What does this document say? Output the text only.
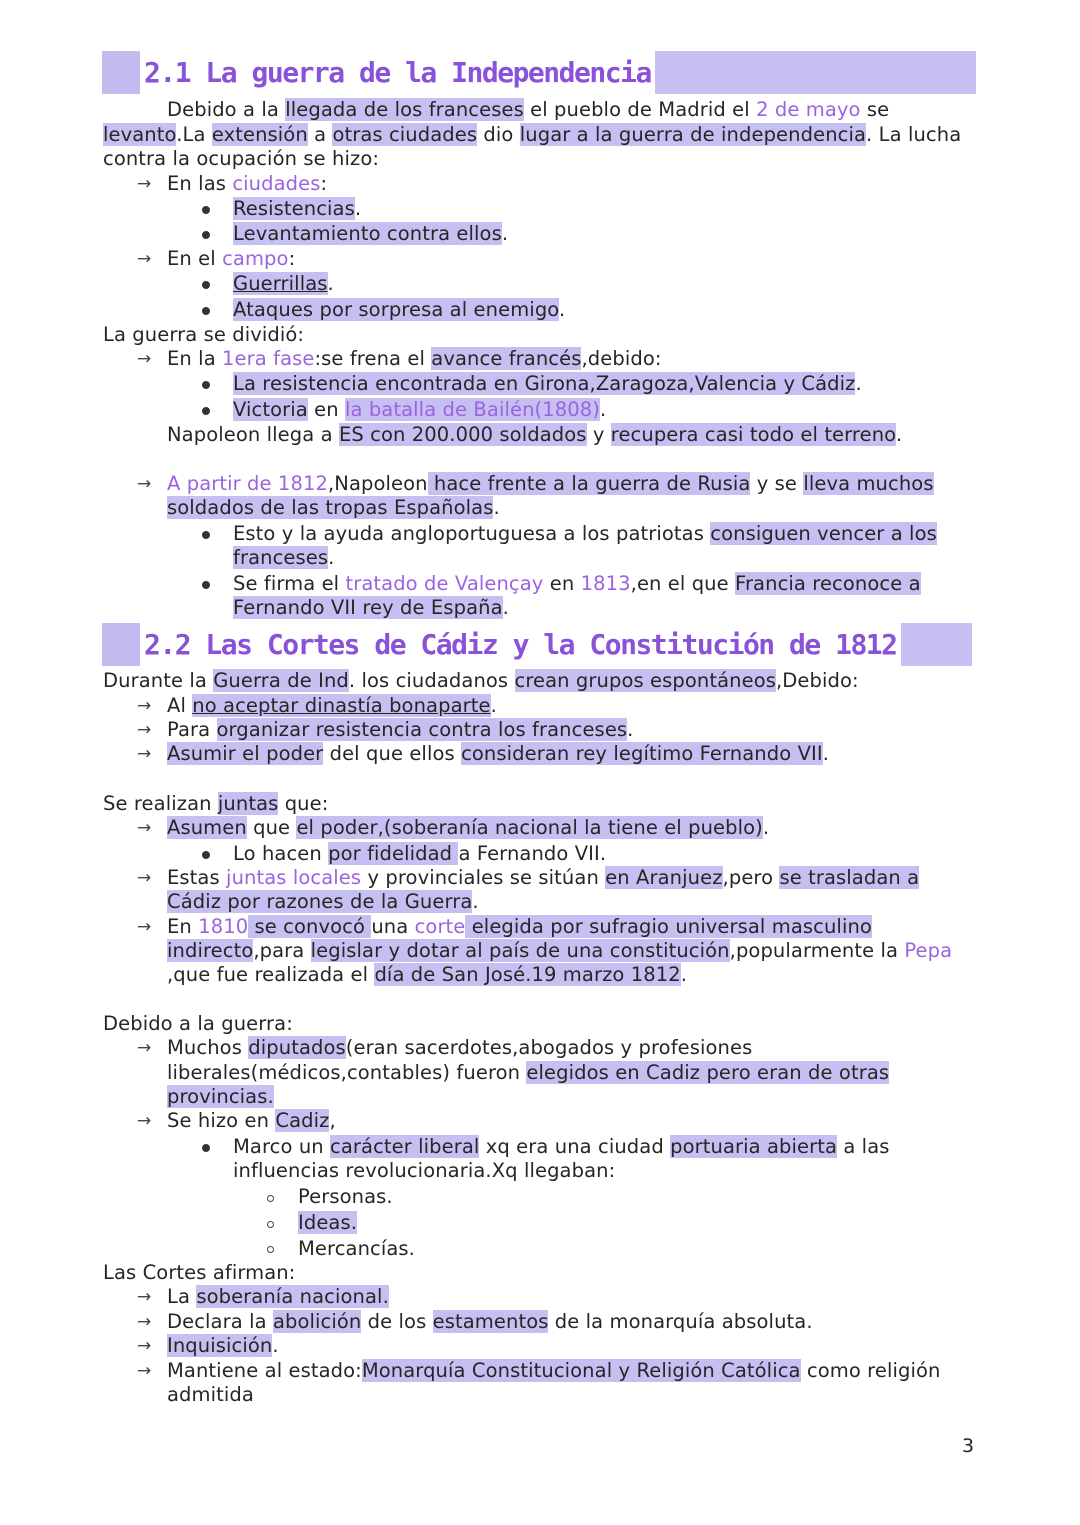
2.1 La guerra de la Independencia
Debido a la llegada de los franceses el pueblo de Madrid el 2 de mayo se
levanto.La extensión a otras ciudades dio lugar a la guerra de independencia. La lucha
contra la ocupación se hizo:
→ En las ciudades:
Resistencias.
Levantamiento contra ellos.
→ En el campo:
Guerrillas.
Ataques por sorpresa al enemigo.
La guerra se dividió:
→ En la 1era fase:se frena el avance francés,debido:
La resistencia encontrada en Girona,Zaragoza,Valencia y Cádiz.
Victoria en la batalla de Bailén(1808).
Napoleon llega a ES con 200.000 soldados y recupera casi todo el terreno.
→ A partir de 1812,Napoleon hace frente a la guerra de Rusia y se lleva muchos
soldados de las tropas Españolas.
Esto y la ayuda angloportuguesa a los patriotas consiguen vencer a los
franceses.
Se firma el tratado de Valençay en 1813,en el que Francia reconoce a
Fernando VII rey de España.
2.2 Las Cortes de Cádiz y la Constitución de 1812
Durante la Guerra de Ind. los ciudadanos crean grupos espontáneos,Debido:
→ Al no aceptar dinastía bonaparte.
→ Para organizar resistencia contra los franceses.
→ Asumir el poder del que ellos consideran rey legítimo Fernando VII.
Se realizan juntas que:
→ Asumen que el poder,(soberanía nacional la tiene el pueblo).
Lo hacen por fidelidad a Fernando VII.
→ Estas juntas locales y provinciales se sitúan en Aranjuez,pero se trasladan a
Cádiz por razones de la Guerra.
→ En 1810 se convocó una corte elegida por sufragio universal masculino
indirecto,para legislar y dotar al país de una constitución,popularmente la Pepa
,que fue realizada el día de San José.19 marzo 1812.
Debido a la guerra:
→ Muchos diputados(eran sacerdotes,abogados y profesiones
liberales(médicos,contables) fueron elegidos en Cadiz pero eran de otras
provincias.
→ Se hizo en Cadiz,
Marco un carácter liberal xq era una ciudad portuaria abierta a las
influencias revolucionaria.Xq llegaban:
Personas.
Ideas.
Mercancías.
Las Cortes afirman:
→ La soberanía nacional.
→ Declara la abolición de los estamentos de la monarquía absoluta.
→ Inquisición.
→ Mantiene al estado:Monarquía Constitucional y Religión Católica como religión
admitida
3
